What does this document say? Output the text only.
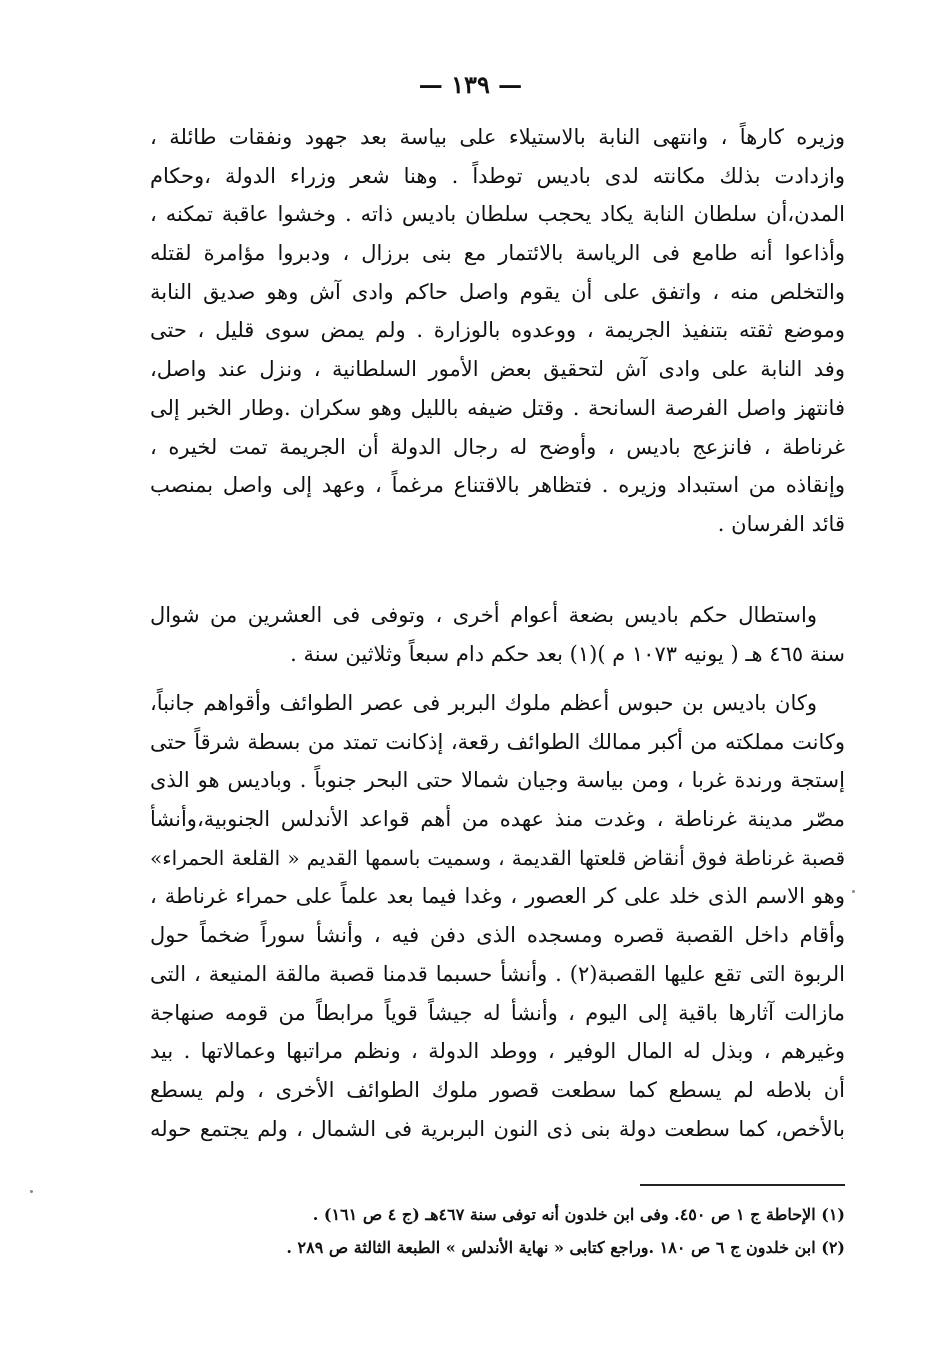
— ١٣٩ —
وزيره كارهاً ، وانتهى النابة بالاستيلاء على بياسة بعد جهود ونفقات طائلة ،
وازدادت بذلك مكانته لدى باديس توطداً . وهنا شعر وزراء الدولة ،وحكام
المدن،أن سلطان النابة يكاد يحجب سلطان باديس ذاته . وخشوا عاقبة تمكنه ،
وأذاعوا أنه طامع فى الرياسة بالائتمار مع بنى برزال ، ودبروا مؤامرة لقتله
والتخلص منه ، واتفق على أن يقوم واصل حاكم وادى آش وهو صديق النابة
وموضع ثقته بتنفيذ الجريمة ، ووعدوه بالوزارة . ولم يمض سوى قليل ، حتى
وفد النابة على وادى آش لتحقيق بعض الأمور السلطانية ، ونزل عند واصل،
فانتهز واصل الفرصة السانحة . وقتل ضيفه بالليل وهو سكران .وطار الخبر إلى
غرناطة ، فانزعج باديس ، وأوضح له رجال الدولة أن الجريمة تمت لخيره ،
وإنقاذه من استبداد وزيره . فتظاهر بالاقتناع مرغماً ، وعهد إلى واصل بمنصب
قائد الفرسان .
واستطال حكم باديس بضعة أعوام أخرى ، وتوفى فى العشرين من شوال
سنة ٤٦٥ هـ ( يونيه ١٠٧٣ م )(١) بعد حكم دام سبعاً وثلاثين سنة .
وكان باديس بن حبوس أعظم ملوك البربر فى عصر الطوائف وأقواهم جانباً،
وكانت مملكته من أكبر ممالك الطوائف رقعة، إذكانت تمتد من بسطة شرقاً حتى
إستجة ورندة غربا ، ومن بياسة وجيان شمالا حتى البحر جنوباً . وباديس هو الذى
مصّر مدينة غرناطة ، وغدت منذ عهده من أهم قواعد الأندلس الجنوبية،وأنشأ
قصبة غرناطة فوق أنقاض قلعتها القديمة ، وسميت باسمها القديم « القلعة الحمراء»
وهو الاسم الذى خلد على كر العصور ، وغدا فيما بعد علماً على حمراء غرناطة ،
وأقام داخل القصبة قصره ومسجده الذى دفن فيه ، وأنشأ سوراً ضخماً حول
الربوة التى تقع عليها القصبة(٢) . وأنشأ حسبما قدمنا قصبة مالقة المنيعة ، التى
مازالت آثارها باقية إلى اليوم ، وأنشأ له جيشاً قوياً مرابطاً من قومه صنهاجة
وغيرهم ، وبذل له المال الوفير ، ووطد الدولة ، ونظم مراتبها وعمالاتها . بيد
أن بلاطه لم يسطع كما سطعت قصور ملوك الطوائف الأخرى ، ولم يسطع
بالأخص، كما سطعت دولة بنى ذى النون البربرية فى الشمال ، ولم يجتمع حوله
(١) الإحاطة ج ١ ص ٤٥٠. وفى ابن خلدون أنه توفى سنة ٤٦٧هـ (ج ٤ ص ١٦١) .
(٢) ابن خلدون ج ٦ ص ١٨٠ .وراجع كتابى « نهاية الأندلس » الطبعة الثالثة ص ٢٨٩ .
